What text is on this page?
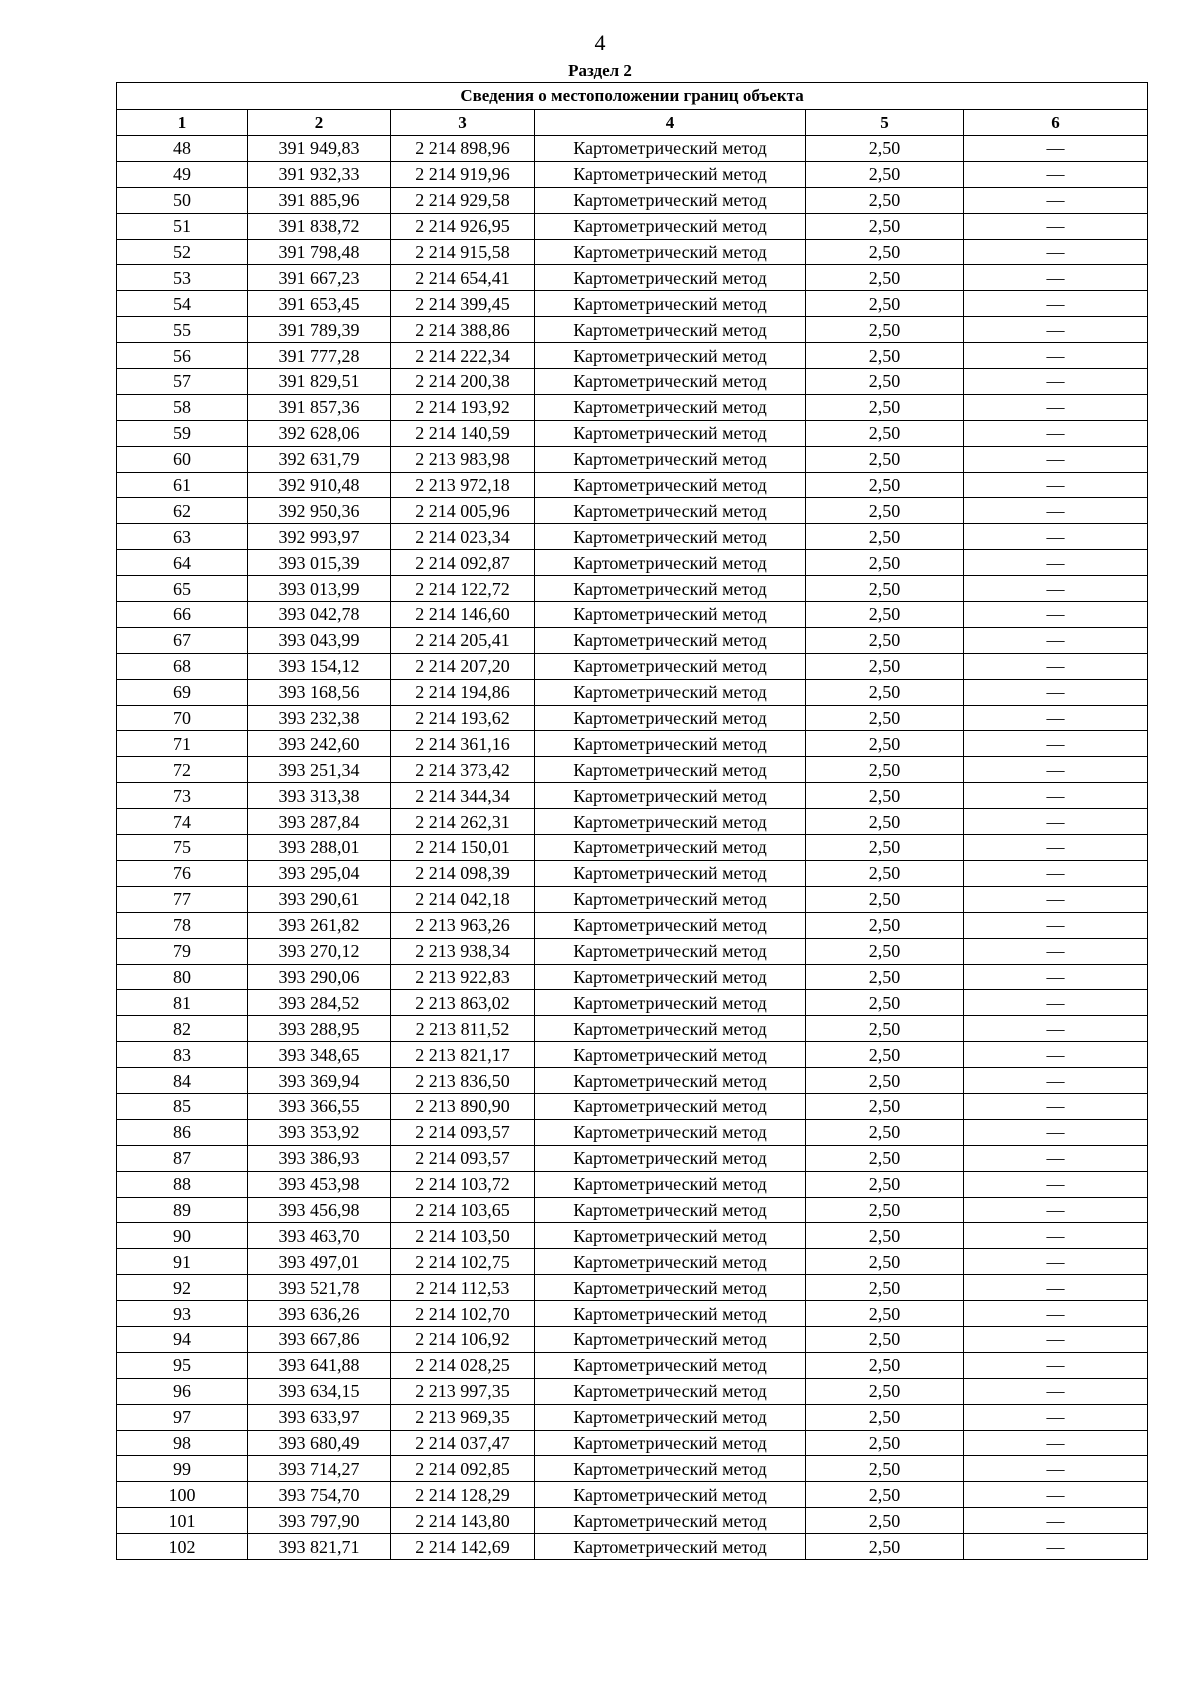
4
Раздел 2
Сведения о местоположении границ объекта					
1	2	3	4	5	6
48	391 949,83	2 214 898,96	Картометрический метод	2,50	—
49	391 932,33	2 214 919,96	Картометрический метод	2,50	—
50	391 885,96	2 214 929,58	Картометрический метод	2,50	—
51	391 838,72	2 214 926,95	Картометрический метод	2,50	—
52	391 798,48	2 214 915,58	Картометрический метод	2,50	—
53	391 667,23	2 214 654,41	Картометрический метод	2,50	—
54	391 653,45	2 214 399,45	Картометрический метод	2,50	—
55	391 789,39	2 214 388,86	Картометрический метод	2,50	—
56	391 777,28	2 214 222,34	Картометрический метод	2,50	—
57	391 829,51	2 214 200,38	Картометрический метод	2,50	—
58	391 857,36	2 214 193,92	Картометрический метод	2,50	—
59	392 628,06	2 214 140,59	Картометрический метод	2,50	—
60	392 631,79	2 213 983,98	Картометрический метод	2,50	—
61	392 910,48	2 213 972,18	Картометрический метод	2,50	—
62	392 950,36	2 214 005,96	Картометрический метод	2,50	—
63	392 993,97	2 214 023,34	Картометрический метод	2,50	—
64	393 015,39	2 214 092,87	Картометрический метод	2,50	—
65	393 013,99	2 214 122,72	Картометрический метод	2,50	—
66	393 042,78	2 214 146,60	Картометрический метод	2,50	—
67	393 043,99	2 214 205,41	Картометрический метод	2,50	—
68	393 154,12	2 214 207,20	Картометрический метод	2,50	—
69	393 168,56	2 214 194,86	Картометрический метод	2,50	—
70	393 232,38	2 214 193,62	Картометрический метод	2,50	—
71	393 242,60	2 214 361,16	Картометрический метод	2,50	—
72	393 251,34	2 214 373,42	Картометрический метод	2,50	—
73	393 313,38	2 214 344,34	Картометрический метод	2,50	—
74	393 287,84	2 214 262,31	Картометрический метод	2,50	—
75	393 288,01	2 214 150,01	Картометрический метод	2,50	—
76	393 295,04	2 214 098,39	Картометрический метод	2,50	—
77	393 290,61	2 214 042,18	Картометрический метод	2,50	—
78	393 261,82	2 213 963,26	Картометрический метод	2,50	—
79	393 270,12	2 213 938,34	Картометрический метод	2,50	—
80	393 290,06	2 213 922,83	Картометрический метод	2,50	—
81	393 284,52	2 213 863,02	Картометрический метод	2,50	—
82	393 288,95	2 213 811,52	Картометрический метод	2,50	—
83	393 348,65	2 213 821,17	Картометрический метод	2,50	—
84	393 369,94	2 213 836,50	Картометрический метод	2,50	—
85	393 366,55	2 213 890,90	Картометрический метод	2,50	—
86	393 353,92	2 214 093,57	Картометрический метод	2,50	—
87	393 386,93	2 214 093,57	Картометрический метод	2,50	—
88	393 453,98	2 214 103,72	Картометрический метод	2,50	—
89	393 456,98	2 214 103,65	Картометрический метод	2,50	—
90	393 463,70	2 214 103,50	Картометрический метод	2,50	—
91	393 497,01	2 214 102,75	Картометрический метод	2,50	—
92	393 521,78	2 214 112,53	Картометрический метод	2,50	—
93	393 636,26	2 214 102,70	Картометрический метод	2,50	—
94	393 667,86	2 214 106,92	Картометрический метод	2,50	—
95	393 641,88	2 214 028,25	Картометрический метод	2,50	—
96	393 634,15	2 213 997,35	Картометрический метод	2,50	—
97	393 633,97	2 213 969,35	Картометрический метод	2,50	—
98	393 680,49	2 214 037,47	Картометрический метод	2,50	—
99	393 714,27	2 214 092,85	Картометрический метод	2,50	—
100	393 754,70	2 214 128,29	Картометрический метод	2,50	—
101	393 797,90	2 214 143,80	Картометрический метод	2,50	—
102	393 821,71	2 214 142,69	Картометрический метод	2,50	—
